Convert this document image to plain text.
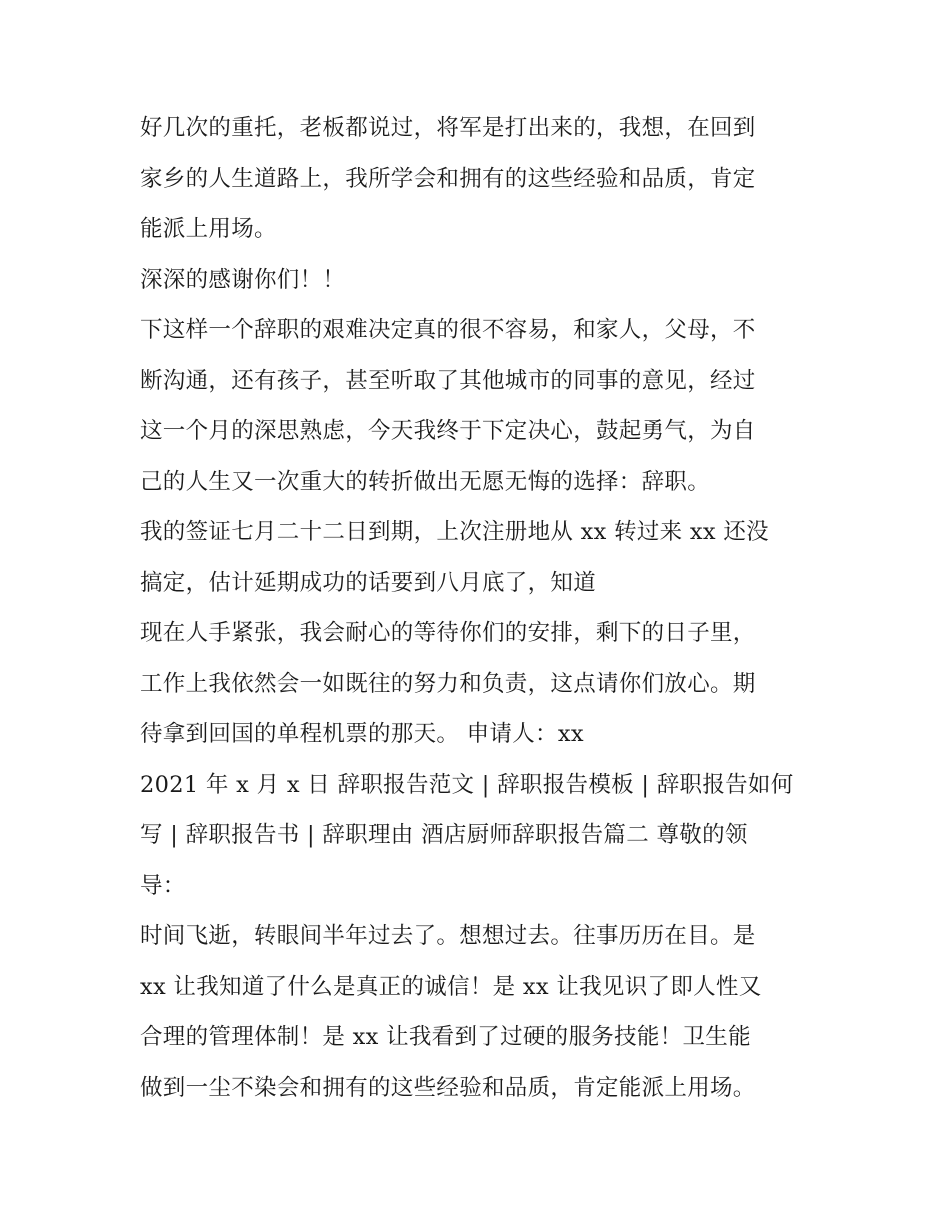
好几次的重托，老板都说过，将军是打出来的，我想，在回到
家乡的人生道路上，我所学会和拥有的这些经验和品质，肯定
能派上用场。
深深的感谢你们！！
下这样一个辞职的艰难决定真的很不容易，和家人，父母，不
断沟通，还有孩子，甚至听取了其他城市的同事的意见，经过
这一个月的深思熟虑，今天我终于下定决心，鼓起勇气，为自
己的人生又一次重大的转折做出无愿无悔的选择：辞职。
我的签证七月二十二日到期，上次注册地从 xx 转过来 xx 还没
搞定，估计延期成功的话要到八月底了，知道
现在人手紧张，我会耐心的等待你们的安排，剩下的日子里，
工作上我依然会一如既往的努力和负责，这点请你们放心。期
待拿到回国的单程机票的那天。 申请人：xx
2021 年 x 月 x 日 辞职报告范文 | 辞职报告模板 | 辞职报告如何
写 | 辞职报告书 | 辞职理由 酒店厨师辞职报告篇二 尊敬的领
导：
时间飞逝，转眼间半年过去了。想想过去。往事历历在目。是
xx 让我知道了什么是真正的诚信！是 xx 让我见识了即人性又
合理的管理体制！是 xx 让我看到了过硬的服务技能！卫生能
做到一尘不染会和拥有的这些经验和品质，肯定能派上用场。
